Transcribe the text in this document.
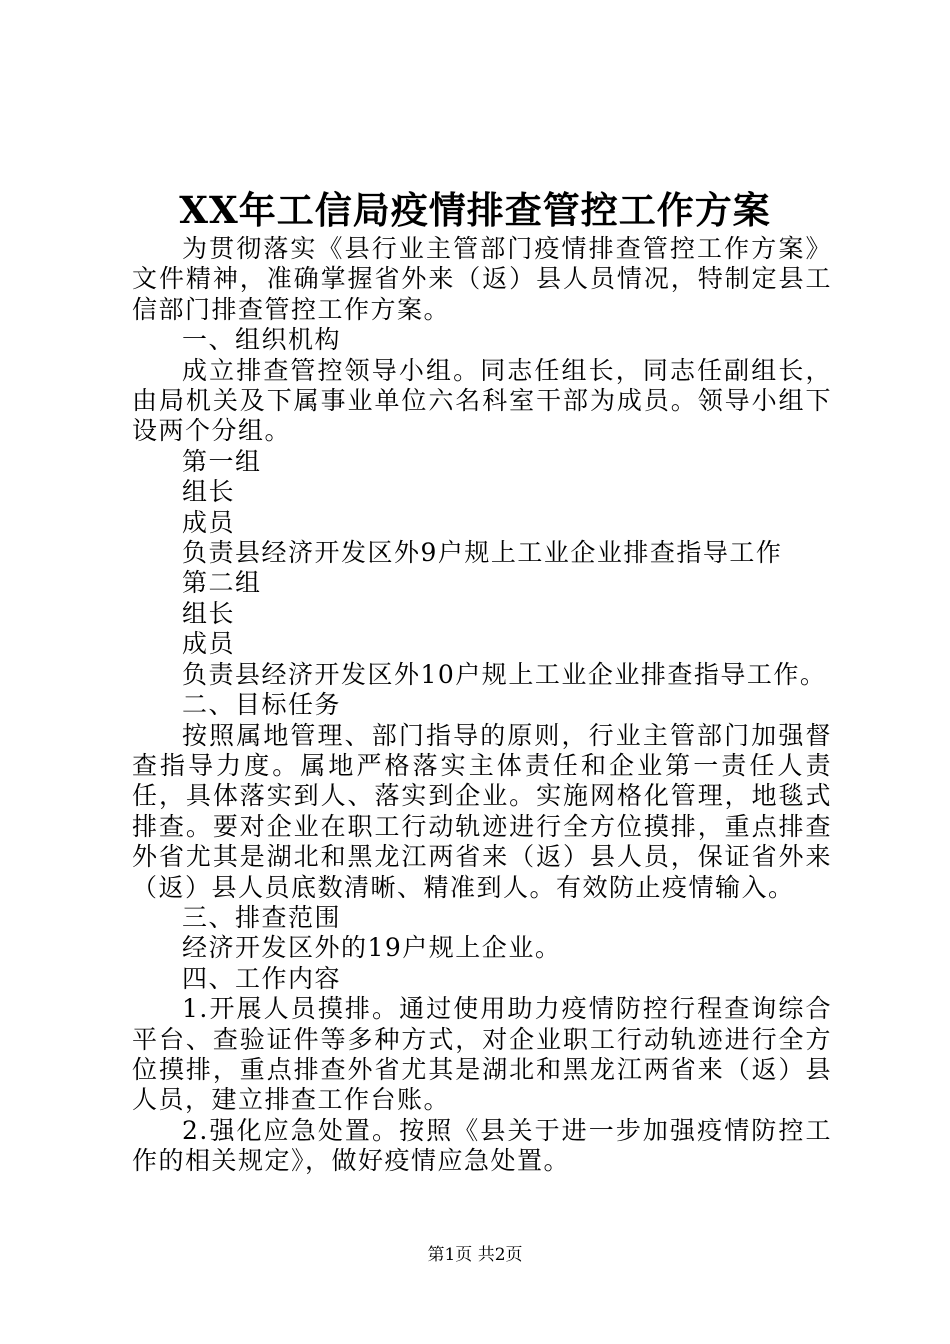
XX年工信局疫情排查管控工作方案

为贯彻落实《县行业主管部门疫情排查管控工作方案》文件精神，准确掌握省外来（返）县人员情况，特制定县工信部门排查管控工作方案。

一、组织机构

成立排查管控领导小组。同志任组长，同志任副组长，由局机关及下属事业单位六名科室干部为成员。领导小组下设两个分组。

第一组

组长

成员

负责县经济开发区外9户规上工业企业排查指导工作

第二组

组长

成员

负责县经济开发区外10户规上工业企业排查指导工作。

二、目标任务

按照属地管理、部门指导的原则，行业主管部门加强督查指导力度。属地严格落实主体责任和企业第一责任人责任，具体落实到人、落实到企业。实施网格化管理，地毯式排查。要对企业在职工行动轨迹进行全方位摸排，重点排查外省尤其是湖北和黑龙江两省来（返）县人员，保证省外来（返）县人员底数清晰、精准到人。有效防止疫情输入。

三、排查范围

经济开发区外的19户规上企业。

四、工作内容

1.开展人员摸排。通过使用助力疫情防控行程查询综合平台、查验证件等多种方式，对企业职工行动轨迹进行全方位摸排，重点排查外省尤其是湖北和黑龙江两省来（返）县人员，建立排查工作台账。

2.强化应急处置。按照《县关于进一步加强疫情防控工作的相关规定》，做好疫情应急处置。

第1页 共2页
